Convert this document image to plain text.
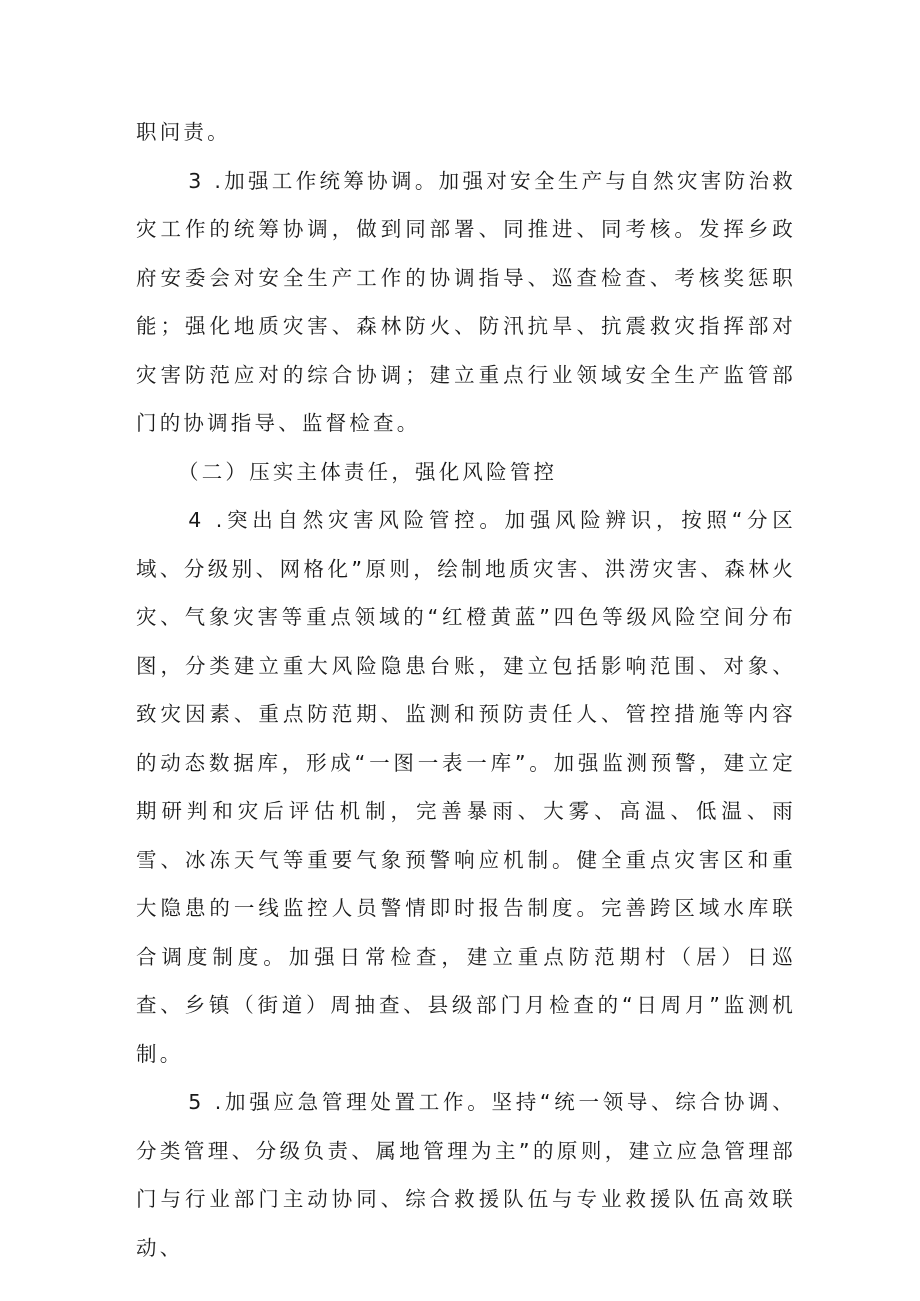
职问责。

3 .加强工作统筹协调。加强对安全生产与自然灾害防治救灾工作的统筹协调，做到同部署、同推进、同考核。发挥乡政府安委会对安全生产工作的协调指导、巡查检查、考核奖惩职能；强化地质灾害、森林防火、防汛抗旱、抗震救灾指挥部对灾害防范应对的综合协调；建立重点行业领域安全生产监管部门的协调指导、监督检查。

（二）压实主体责任，强化风险管控

4 .突出自然灾害风险管控。加强风险辨识，按照“分区域、分级别、网格化”原则，绘制地质灾害、洪涝灾害、森林火灾、气象灾害等重点领域的“红橙黄蓝”四色等级风险空间分布图，分类建立重大风险隐患台账，建立包括影响范围、对象、致灾因素、重点防范期、监测和预防责任人、管控措施等内容的动态数据库，形成“一图一表一库”。加强监测预警，建立定期研判和灾后评估机制，完善暴雨、大雾、高温、低温、雨雪、冰冻天气等重要气象预警响应机制。健全重点灾害区和重大隐患的一线监控人员警情即时报告制度。完善跨区域水库联合调度制度。加强日常检查，建立重点防范期村（居）日巡查、乡镇（街道）周抽查、县级部门月检查的“日周月”监测机制。

5 .加强应急管理处置工作。坚持“统一领导、综合协调、分类管理、分级负责、属地管理为主”的原则，建立应急管理部门与行业部门主动协同、综合救援队伍与专业救援队伍高效联动、
